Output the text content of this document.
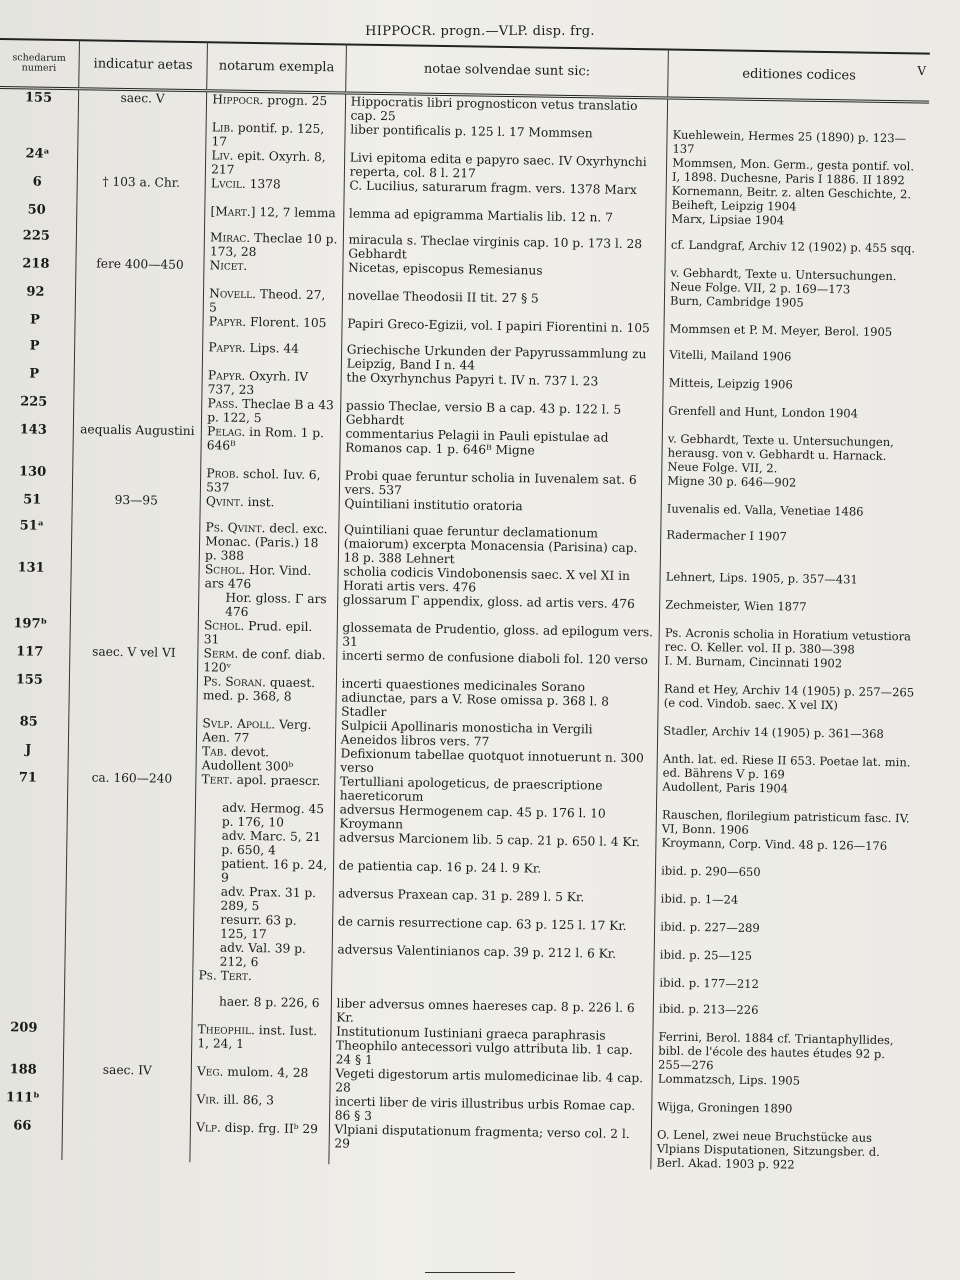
HIPPOCR. progn.—VLP. disp. frg.
V
schedarum numeri	indicatur aetas	notarum exempla	notae solvendae sunt sic:	editiones codices
155	saec. V	Hippocr. progn. 25	Hippocratis libri prognosticon vetus translatio cap. 25	
		Lib. pontif. p. 125, 17	liber pontificalis p. 125 l. 17 Mommsen	Kuehlewein, Hermes 25 (1890) p. 123—137
24ᵃ		Liv. epit. Oxyrh. 8, 217	Livi epitoma edita e papyro saec. IV Oxyrhynchi reperta, col. 8 l. 217	Mommsen, Mon. Germ., gesta pontif. vol. I, 1898. Duchesne, Paris I 1886. II 1892
6	† 103 a. Chr.	Lvcil. 1378	C. Lucilius, saturarum fragm. vers. 1378 Marx	Kornemann, Beitr. z. alten Geschichte, 2. Beiheft, Leipzig 1904
50		[Mart.] 12, 7 lemma	lemma ad epigramma Martialis lib. 12 n. 7	Marx, Lipsiae 1904
225		Mirac. Theclae 10 p. 173, 28	miracula s. Theclae virginis cap. 10 p. 173 l. 28 Gebhardt	cf. Landgraf, Archiv 12 (1902) p. 455 sqq.
218	fere 400—450	Nicet.	Nicetas, episcopus Remesianus	v. Gebhardt, Texte u. Untersuchungen. Neue Folge. VII, 2 p. 169—173
92		Novell. Theod. 27, 5	novellae Theodosii II tit. 27 § 5	Burn, Cambridge 1905
P		Papyr. Florent. 105	Papiri Greco-Egizii, vol. I papiri Fiorentini n. 105	Mommsen et P. M. Meyer, Berol. 1905
P		Papyr. Lips. 44	Griechische Urkunden der Papyrussammlung zu Leipzig, Band I n. 44	Vitelli, Mailand 1906
P		Papyr. Oxyrh. IV 737, 23	the Oxyrhynchus Papyri t. IV n. 737 l. 23	Mitteis, Leipzig 1906
225		Pass. Theclae B a 43 p. 122, 5	passio Theclae, versio B a cap. 43 p. 122 l. 5 Gebhardt	Grenfell and Hunt, London 1904
143	aequalis Augustini	Pelag. in Rom. 1 p. 646ᴮ	commentarius Pelagii in Pauli epistulae ad Romanos cap. 1 p. 646ᴮ Migne	v. Gebhardt, Texte u. Untersuchungen, herausg. von v. Gebhardt u. Harnack. Neue Folge. VII, 2.
130		Prob. schol. Iuv. 6, 537	Probi quae feruntur scholia in Iuvenalem sat. 6 vers. 537	Migne 30 p. 646—902
51	93—95	Qvint. inst.	Quintiliani institutio oratoria	Iuvenalis ed. Valla, Venetiae 1486
51ᵃ		Ps. Qvint. decl. exc. Monac. (Paris.) 18 p. 388	Quintiliani quae feruntur declamationum (maiorum) excerpta Monacensia (Parisina) cap. 18 p. 388 Lehnert	Radermacher I 1907
131		Schol. Hor. Vind. ars 476	scholia codicis Vindobonensis saec. X vel XI in Horati artis vers. 476	Lehnert, Lips. 1905, p. 357—431
		Hor. gloss. Γ ars 476	glossarum Γ appendix, gloss. ad artis vers. 476	Zechmeister, Wien 1877
197ᵇ		Schol. Prud. epil. 31	glossemata de Prudentio, gloss. ad epilogum vers. 31	Ps. Acronis scholia in Horatium vetustiora rec. O. Keller. vol. II p. 380—398
117	saec. V vel VI	Serm. de conf. diab. 120ᵛ	incerti sermo de confusione diaboli fol. 120 verso	I. M. Burnam, Cincinnati 1902
155		Ps. Soran. quaest. med. p. 368, 8	incerti quaestiones medicinales Sorano adiunctae, pars a V. Rose omissa p. 368 l. 8 Stadler	Rand et Hey, Archiv 14 (1905) p. 257—265 (e cod. Vindob. saec. X vel IX)
85		Svlp. Apoll. Verg. Aen. 77	Sulpicii Apollinaris monosticha in Vergili Aeneidos libros vers. 77	Stadler, Archiv 14 (1905) p. 361—368
J		Tab. devot. Audollent 300ᵇ	Defixionum tabellae quotquot innotuerunt n. 300 verso	Anth. lat. ed. Riese II 653. Poetae lat. min. ed. Bährens V p. 169
71	ca. 160—240	Tert. apol. praescr.	Tertulliani apologeticus, de praescriptione haereticorum	Audollent, Paris 1904
		adv. Hermog. 45 p. 176, 10	adversus Hermogenem cap. 45 p. 176 l. 10 Kroymann	Rauschen, florilegium patristicum fasc. IV. VI, Bonn. 1906
		adv. Marc. 5, 21 p. 650, 4	adversus Marcionem lib. 5 cap. 21 p. 650 l. 4 Kr.	Kroymann, Corp. Vind. 48 p. 126—176
		patient. 16 p. 24, 9	de patientia cap. 16 p. 24 l. 9 Kr.	ibid. p. 290—650
		adv. Prax. 31 p. 289, 5	adversus Praxean cap. 31 p. 289 l. 5 Kr.	ibid. p. 1—24
		resurr. 63 p. 125, 17	de carnis resurrectione cap. 63 p. 125 l. 17 Kr.	ibid. p. 227—289
		adv. Val. 39 p. 212, 6	adversus Valentinianos cap. 39 p. 212 l. 6 Kr.	ibid. p. 25—125
		Ps. Tert.		ibid. p. 177—212
		haer. 8 p. 226, 6	liber adversus omnes haereses cap. 8 p. 226 l. 6 Kr.	ibid. p. 213—226
209		Theophil. inst. Iust. 1, 24, 1	Institutionum Iustiniani graeca paraphrasis Theophilo antecessori vulgo attributa lib. 1 cap. 24 § 1	Ferrini, Berol. 1884 cf. Triantaphyllides, bibl. de l'école des hautes études 92 p. 255—276
188	saec. IV	Veg. mulom. 4, 28	Vegeti digestorum artis mulomedicinae lib. 4 cap. 28	Lommatzsch, Lips. 1905
111ᵇ		Vir. ill. 86, 3	incerti liber de viris illustribus urbis Romae cap. 86 § 3	Wijga, Groningen 1890
66		Vlp. disp. frg. IIᵇ 29	Vlpiani disputationum fragmenta; verso col. 2 l. 29	O. Lenel, zwei neue Bruchstücke aus Vlpians Disputationen, Sitzungsber. d. Berl. Akad. 1903 p. 922
